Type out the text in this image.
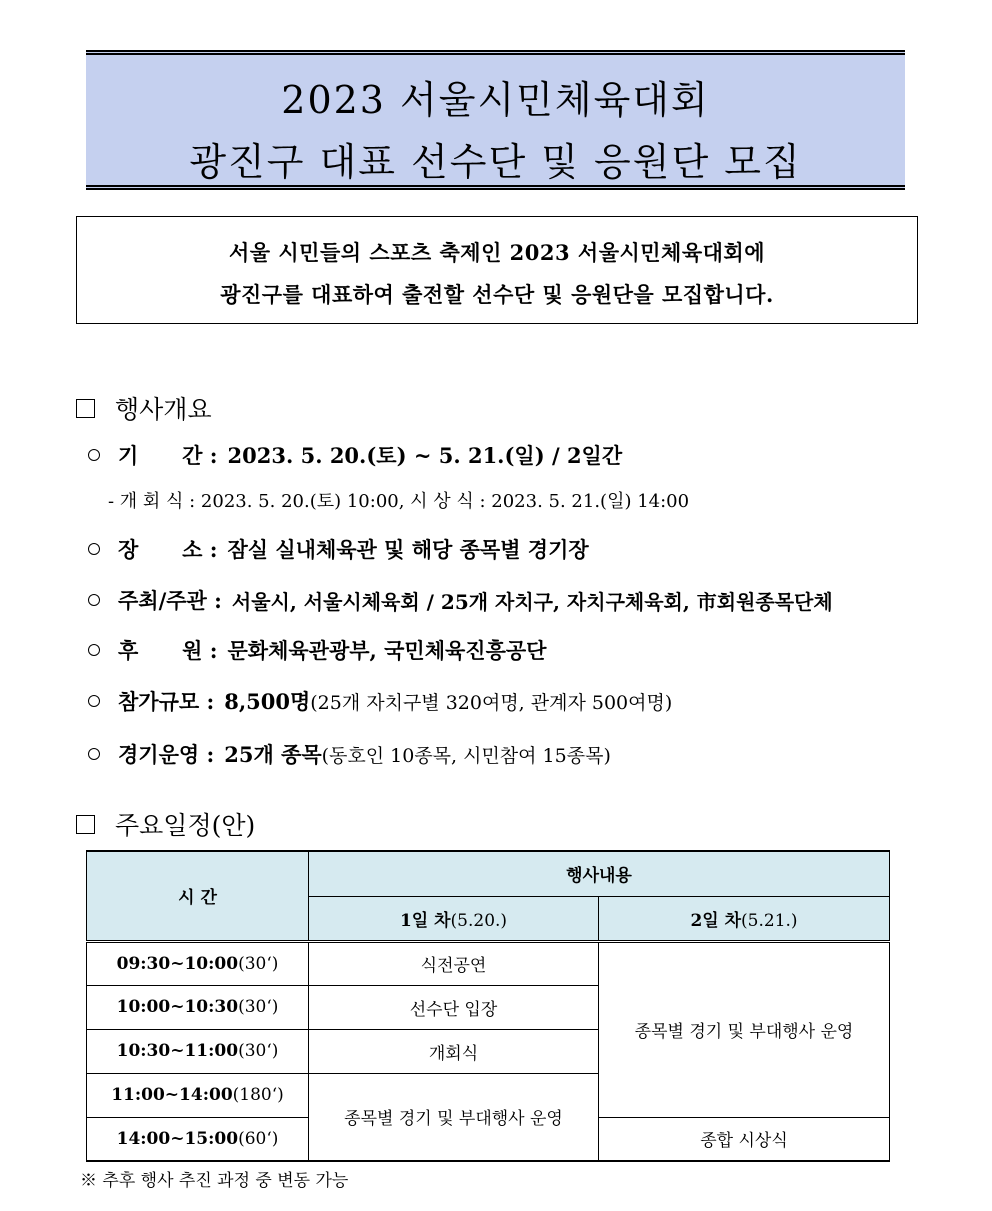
2023 서울시민체육대회
광진구 대표 선수단 및 응원단 모집
서울 시민들의 스포츠 축제인 2023 서울시민체육대회에
광진구를 대표하여 출전할 선수단 및 응원단을 모집합니다.
행사개요
기      간 : 2023. 5. 20.(토) ~ 5. 21.(일) / 2일간
- 개 회 식 : 2023. 5. 20.(토) 10:00, 시 상 식 : 2023. 5. 21.(일) 14:00
장      소 : 잠실 실내체육관 및 해당 종목별 경기장
주최/주관 : 서울시, 서울시체육회 / 25개 자치구, 자치구체육회, 市회원종목단체
후      원 : 문화체육관광부, 국민체육진흥공단
참가규모 : 8,500명 (25개 자치구별 320여명, 관계자 500여명)
경기운영 : 25개 종목 (동호인 10종목, 시민참여 15종목)
주요일정(안)
시 간	행사내용	
	1일 차(5.20.)	2일 차(5.21.)
09:30~10:00(30‘)	식전공연	종목별 경기 및 부대행사 운영
10:00~10:30(30‘)	선수단 입장	
10:30~11:00(30‘)	개회식	
11:00~14:00(180‘)	종목별 경기 및 부대행사 운영	
14:00~15:00(60‘)		종합 시상식
※ 추후 행사 추진 과정 중 변동 가능
